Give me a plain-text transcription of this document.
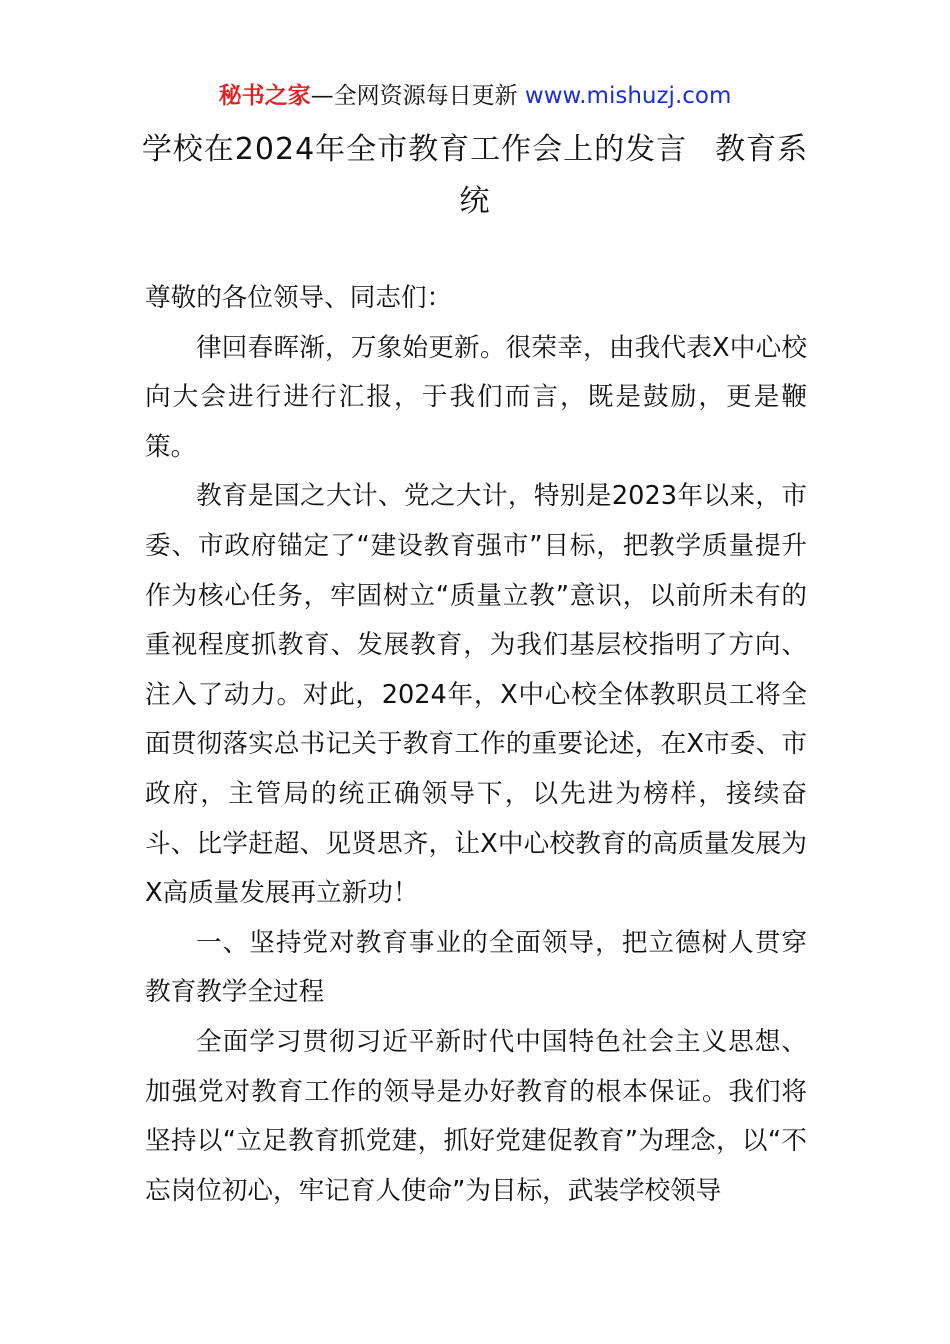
秘书之家—全网资源每日更新 www.mishuzj.com
学校在2024年全市教育工作会上的发言 教育系统

尊敬的各位领导、同志们：

律回春晖渐，万象始更新。很荣幸，由我代表X中心校向大会进行进行汇报，于我们而言，既是鼓励，更是鞭策。

教育是国之大计、党之大计，特别是2023年以来，市委、市政府锚定了“建设教育强市”目标，把教学质量提升作为核心任务，牢固树立“质量立教”意识，以前所未有的重视程度抓教育、发展教育，为我们基层校指明了方向、注入了动力。对此，2024年，X中心校全体教职员工将全面贯彻落实总书记关于教育工作的重要论述，在X市委、市政府，主管局的统正确领导下，以先进为榜样，接续奋斗、比学赶超、见贤思齐，让X中心校教育的高质量发展为X高质量发展再立新功！

一、坚持党对教育事业的全面领导，把立德树人贯穿教育教学全过程

全面学习贯彻习近平新时代中国特色社会主义思想、加强党对教育工作的领导是办好教育的根本保证。我们将坚持以“立足教育抓党建，抓好党建促教育”为理念，以“不忘岗位初心，牢记育人使命”为目标，武装学校领导
